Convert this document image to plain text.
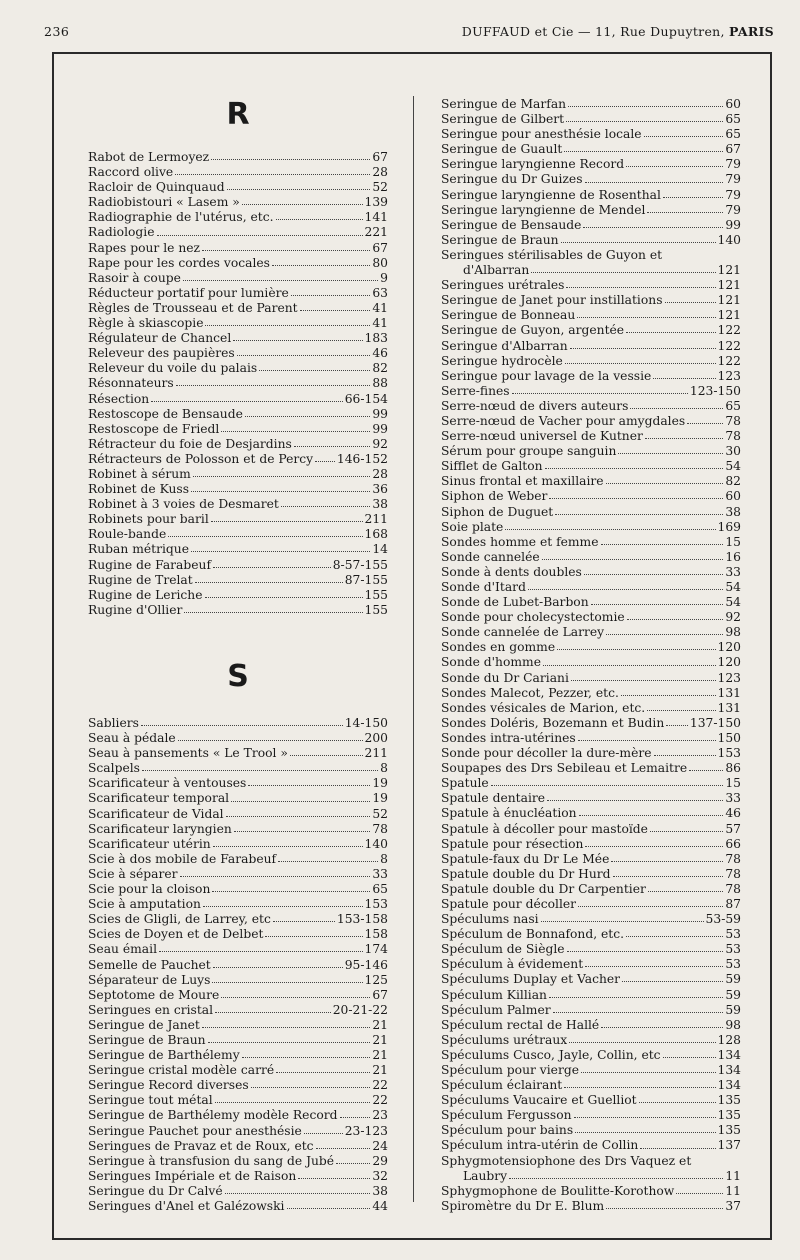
236	DUFFAUD et Cie — 11, Rue Dupuytren, PARIS
R
Rabot de Lermoyez	67
Raccord olive	28
Racloir de Quinquaud	52
Radiobistouri « Lasem »	139
Radiographie de l'utérus, etc.	141
Radiologie	221
Rapes pour le nez	67
Rape pour les cordes vocales	80
Rasoir à coupe	9
Réducteur portatif pour lumière	63
Règles de Trousseau et de Parent	41
Règle à skiascopie	41
Régulateur de Chancel	183
Releveur des paupières	46
Releveur du voile du palais	82
Résonnateurs	88
Résection	66-154
Restoscope de Bensaude	99
Restoscope de Friedl	99
Rétracteur du foie de Desjardins	92
Rétracteurs de Polosson et de Percy 146-152
Robinet à sérum	28
Robinet de Kuss	36
Robinet à 3 voies de Desmaret	38
Robinets pour baril	211
Roule-bande	168
Ruban métrique	14
Rugine de Farabeuf	8-57-155
Rugine de Trelat	87-155
Rugine de Leriche	155
Rugine d'Ollier	155
S
Sabliers	14-150
Seau à pédale	200
Seau à pansements « Le Trool »	211
Scalpels	8
Scarificateur à ventouses	19
Scarificateur temporal	19
Scarificateur de Vidal	52
Scarificateur laryngien	78
Scarificateur utérin	140
Scie à dos mobile de Farabeuf	8
Scie à séparer	33
Scie pour la cloison	65
Scie à amputation	153
Scies de Gligli, de Larrey, etc	153-158
Scies de Doyen et de Delbet	158
Seau émail	174
Semelle de Pauchet	95-146
Séparateur de Luys	125
Septotome de Moure	67
Seringues en cristal	20-21-22
Seringue de Janet	21
Seringue de Braun	21
Seringue de Barthélemy	21
Seringue cristal modèle carré	21
Seringue Record diverses	22
Seringue tout métal	22
Seringue de Barthélemy modèle Record	23
Seringue Pauchet pour anesthésie	23-123
Seringues de Pravaz et de Roux, etc	24
Seringue à transfusion du sang de Jubé	29
Seringues Impériale et de Raison	32
Seringue du Dr Calvé	38
Seringues d'Anel et Galézowski	44
Seringue de Marfan	60
Seringue de Gilbert	65
Seringue pour anesthésie locale	65
Seringue de Guault	67
Seringue laryngienne Record	79
Seringue du Dr Guizes	79
Seringue laryngienne de Rosenthal	79
Seringue laryngienne de Mendel	79
Seringue de Bensaude	99
Seringue de Braun	140
Seringues stérilisables de Guyon et
d'Albarran	121
Seringues urétrales	121
Seringue de Janet pour instillations	121
Seringue de Bonneau	121
Seringue de Guyon, argentée	122
Seringue d'Albarran	122
Seringue hydrocèle	122
Seringue pour lavage de la vessie	123
Serre-fines	123-150
Serre-nœud de divers auteurs	65
Serre-nœud de Vacher pour amygdales	78
Serre-nœud universel de Kutner	78
Sérum pour groupe sanguin	30
Sifflet de Galton	54
Sinus frontal et maxillaire	82
Siphon de Weber	60
Siphon de Duguet	38
Soie plate	169
Sondes homme et femme	15
Sonde cannelée	16
Sonde à dents doubles	33
Sonde d'Itard	54
Sonde de Lubet-Barbon	54
Sonde pour cholecystectomie	92
Sonde cannelée de Larrey	98
Sondes en gomme	120
Sonde d'homme	120
Sonde du Dr Cariani	123
Sondes Malecot, Pezzer, etc.	131
Sondes vésicales de Marion, etc.	131
Sondes Doléris, Bozemann et Budin 137-150
Sondes intra-utérines	150
Sonde pour décoller la dure-mère	153
Soupapes des Drs Sebileau et Lemaitre	86
Spatule	15
Spatule dentaire	33
Spatule à énucléation	46
Spatule à décoller pour mastoïde	57
Spatule pour résection	66
Spatule-faux du Dr Le Mée	78
Spatule double du Dr Hurd	78
Spatule double du Dr Carpentier	78
Spatule pour décoller	87
Spéculums nasi	53-59
Spéculum de Bonnafond, etc.	53
Spéculum de Siègle	53
Spéculum à évidement	53
Spéculums Duplay et Vacher	59
Spéculum Killian	59
Spéculum Palmer	59
Spéculum rectal de Hallé	98
Spéculums urétraux	128
Spéculums Cusco, Jayle, Collin, etc	134
Spéculum pour vierge	134
Spéculum éclairant	134
Spéculums Vaucaire et Guelliot	135
Spéculum Fergusson	135
Spéculum pour bains	135
Spéculum intra-utérin de Collin	137
Sphygmotensiophone des Drs Vaquez et
Laubry	11
Sphygmophone de Boulitte-Korothow	11
Spiromètre du Dr E. Blum	37
